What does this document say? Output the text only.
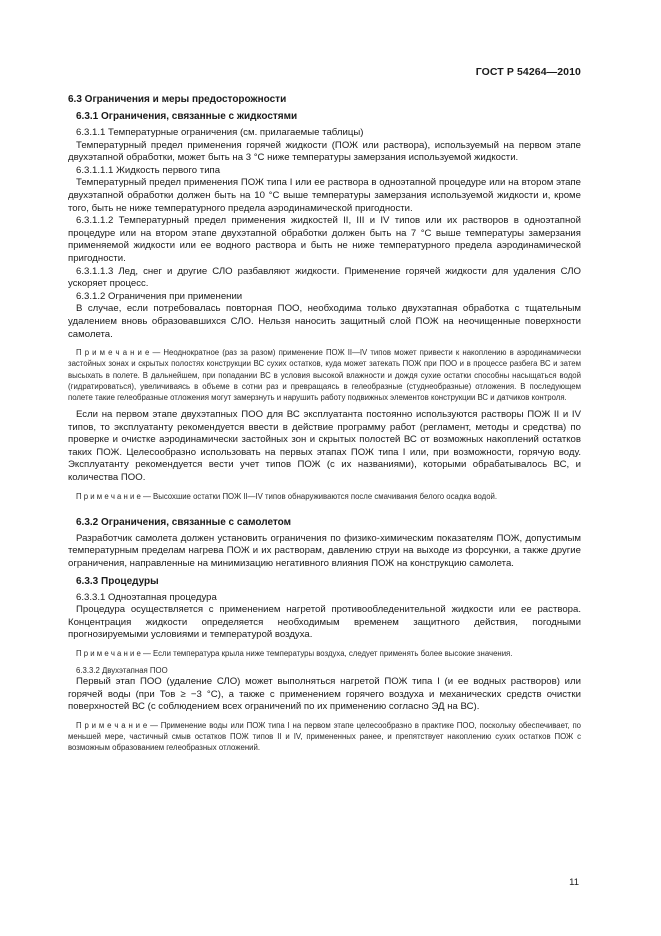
ГОСТ Р 54264—2010

6.3 Ограничения и меры предосторожности

6.3.1 Ограничения, связанные с жидкостями

6.3.1.1 Температурные ограничения (см. прилагаемые таблицы)

Температурный предел применения горячей жидкости (ПОЖ или раствора), используемый на первом этапе двухэтапной обработки, может быть на 3 °С ниже температуры замерзания используемой жидкости.

6.3.1.1.1 Жидкость первого типа

Температурный предел применения ПОЖ типа I или ее раствора в одноэтапной процедуре или на втором этапе двухэтапной обработки должен быть на 10 °С выше температуры замерзания используемой жидкости и, кроме того, быть не ниже температурного предела аэродинамической пригодности.

6.3.1.1.2 Температурный предел применения жидкостей II, III и IV типов или их растворов в одноэтапной процедуре или на втором этапе двухэтапной обработки должен быть на 7 °С выше температуры замерзания применяемой жидкости или ее водного раствора и быть не ниже температурного предела аэродинамической пригодности.

6.3.1.1.3 Лед, снег и другие СЛО разбавляют жидкости. Применение горячей жидкости для удаления СЛО ускоряет процесс.

6.3.1.2 Ограничения при применении

В случае, если потребовалась повторная ПОО, необходима только двухэтапная обработка с тщательным удалением вновь образовавшихся СЛО. Нельзя наносить защитный слой ПОЖ на неочищенные поверхности самолета.

П р и м е ч а н и е — Неоднократное (раз за разом) применение ПОЖ II—IV типов может привести к накоплению в аэродинамически застойных зонах и скрытых полостях конструкции ВС сухих остатков, куда может затекать ПОЖ при ПОО и в процессе разбега ВС и затем высыхать в полете. В дальнейшем, при попадании ВС в условия высокой влажности и дождя сухие остатки способны насыщаться водой (гидратироваться), увеличиваясь в объеме в сотни раз и превращаясь в гелеобразные (студнеобразные) отложения. В последующем полете такие гелеобразные отложения могут замерзнуть и нарушить работу подвижных элементов конструкции ВС и датчиков контроля.

Если на первом этапе двухэтапных ПОО для ВС эксплуатанта постоянно используются растворы ПОЖ II и IV типов, то эксплуатанту рекомендуется ввести в действие программу работ (регламент, методы и средства) по проверке и очистке аэродинамически застойных зон и скрытых полостей ВС от возможных накоплений остатков таких ПОЖ. Целесообразно использовать на первых этапах ПОЖ типа I или, при возможности, горячую воду. Эксплуатанту рекомендуется вести учет типов ПОЖ (с их названиями), которыми обрабатывалось ВС, и количества ПОО.

П р и м е ч а н и е — Высохшие остатки ПОЖ II—IV типов обнаруживаются после смачивания белого осадка водой.

6.3.2 Ограничения, связанные с самолетом

Разработчик самолета должен установить ограничения по физико-химическим показателям ПОЖ, допустимым температурным пределам нагрева ПОЖ и их растворам, давлению струи на выходе из форсунки, а также другие ограничения, направленные на минимизацию негативного влияния ПОЖ на конструкцию самолета.

6.3.3 Процедуры

6.3.3.1 Одноэтапная процедура

Процедура осуществляется с применением нагретой противообледенительной жидкости или ее раствора. Концентрация жидкости определяется необходимым временем защитного действия, погодными прогнозируемыми условиями и температурой воздуха.

П р и м е ч а н и е — Если температура крыла ниже температуры воздуха, следует применять более высокие значения.

6.3.3.2 Двухэтапная ПОО

Первый этап ПОО (удаление СЛО) может выполняться нагретой ПОЖ типа I (и ее водных растворов) или горячей воды (при Тов ≥ −3 °С), а также с применением горячего воздуха и механических средств очистки поверхностей ВС (с соблюдением всех ограничений по их применению согласно ЭД на ВС).

П р и м е ч а н и е — Применение воды или ПОЖ типа I на первом этапе целесообразно в практике ПОО, поскольку обеспечивает, по меньшей мере, частичный смыв остатков ПОЖ типов II и IV, примененных ранее, и препятствует накоплению сухих остатков ПОЖ с возможным образованием гелеобразных отложений.

11
